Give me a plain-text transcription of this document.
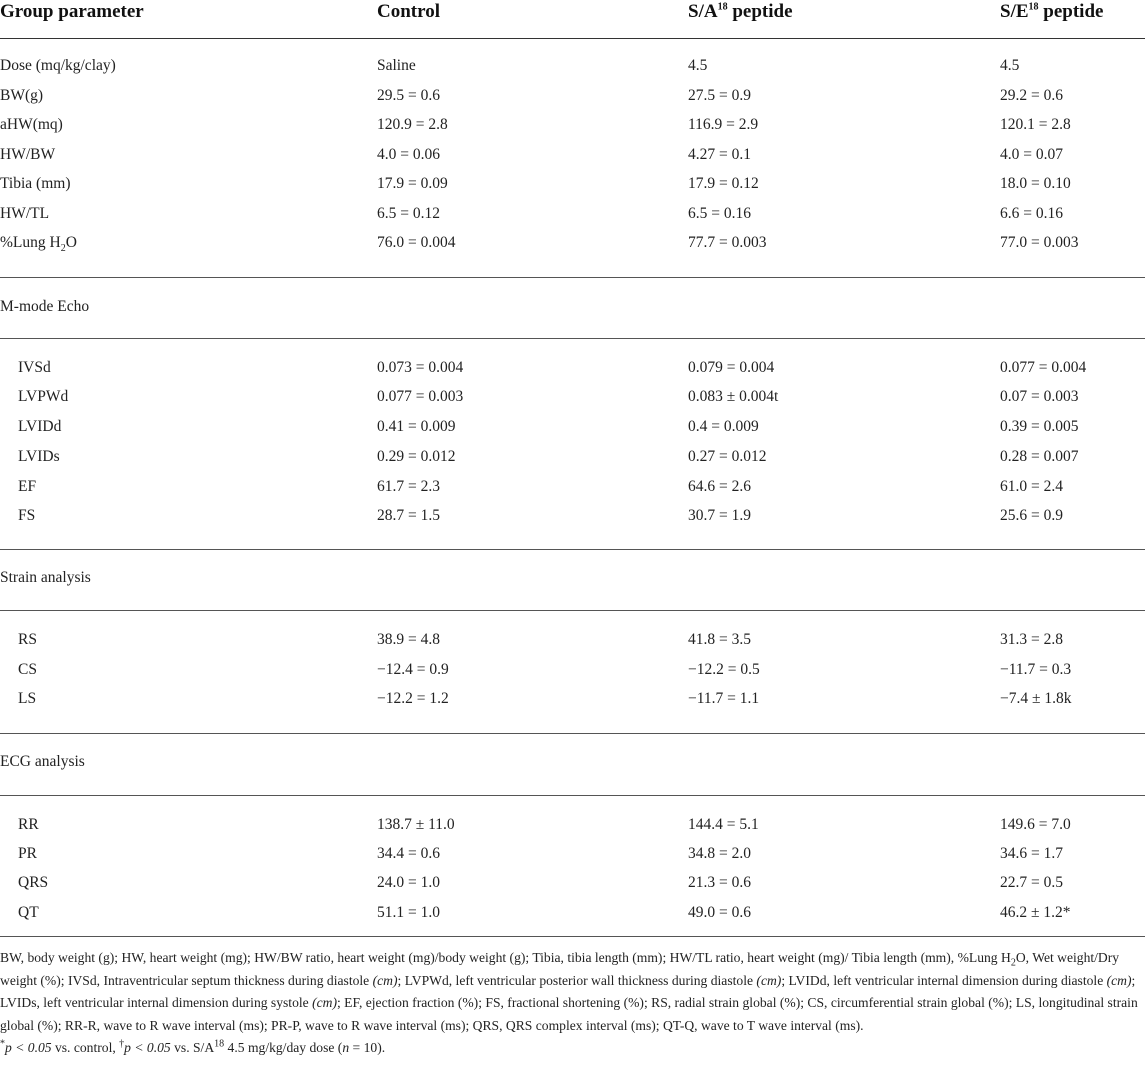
Group parameter	Control	$S/A^{18}$ peptide	$S/E^{18}$ peptide
Dose (mq/kg/clay)	Saline	4.5	4.5
BW(g)	29.5 = 0.6	27.5 = 0.9	29.2 = 0.6
aHW(mq)	120.9 = 2.8	116.9 = 2.9	120.1 = 2.8
HW/BW	4.0 = 0.06	4.27 = 0.1	4.0 = 0.07
Tibia (mm)	17.9 = 0.09	17.9 = 0.12	18.0 = 0.10
HW/TL	6.5 = 0.12	6.5 = 0.16	6.6 = 0.16
%Lung $H_2O$	76.0 = 0.004	77.7 = 0.003	77.0 = 0.003
M-mode Echo
IVSd	0.073 = 0.004	0.079 = 0.004	0.077 = 0.004
LVPWd	0.077 = 0.003	0.083 ± 0.004t	0.07 = 0.003
LVIDd	0.41 = 0.009	0.4 = 0.009	0.39 = 0.005
LVIDs	0.29 = 0.012	0.27 = 0.012	0.28 = 0.007
EF	61.7 = 2.3	64.6 = 2.6	61.0 = 2.4
FS	28.7 = 1.5	30.7 = 1.9	25.6 = 0.9
Strain analysis
RS	38.9 = 4.8	41.8 = 3.5	31.3 = 2.8
CS	−12.4 = 0.9	−12.2 = 0.5	−11.7 = 0.3
LS	−12.2 = 1.2	−11.7 = 1.1	−7.4 ± 1.8k
ECG analysis
RR	138.7 ± 11.0	144.4 = 5.1	149.6 = 7.0
PR	34.4 = 0.6	34.8 = 2.0	34.6 = 1.7
QRS	24.0 = 1.0	21.3 = 0.6	22.7 = 0.5
QT	51.1 = 1.0	49.0 = 0.6	46.2 ± 1.2*
BW, body weight (g); HW, heart weight (mg); HW/BW ratio, heart weight (mg)/body weight (g); Tibia, tibia length (mm); HW/TL ratio, heart weight (mg)/ Tibia length (mm), %Lung $H_2O$, Wet weight/Dry weight (%); IVSd, Intraventricular septum thickness during diastole (cm); LVPWd, left ventricular posterior wall thickness during diastole (cm); LVIDd, left ventricular internal dimension during diastole (cm); LVIDs, left ventricular internal dimension during systole (cm); EF, ejection fraction (%); FS, fractional shortening (%); RS, radial strain global (%); CS, circumferential strain global (%); LS, longitudinal strain global (%); RR-R, wave to R wave interval (ms); PR-P, wave to R wave interval (ms); QRS, QRS complex interval (ms); QT-Q, wave to T wave interval (ms).
*p < 0.05 vs. control, †p < 0.05 vs. $S/A^{18}$ 4.5 mg/kg/day dose (n = 10).
